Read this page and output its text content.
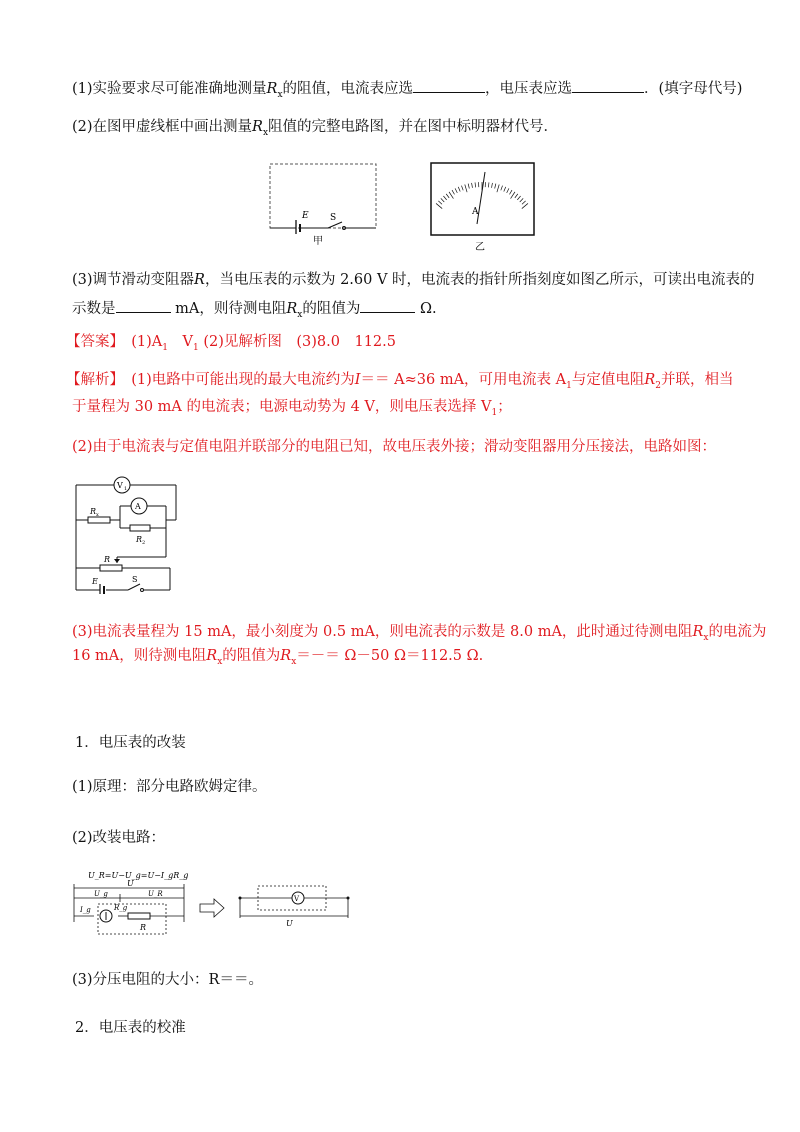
(1)实验要求尽可能准确地测量$R_x$的阻值，电流表应选	，电压表应选	．(填字母代号)
(2)在图甲虚线框中画出测量$R_x$阻值的完整电路图，并在图中标明器材代号．
E S
甲
A
乙
(3)调节滑动变阻器R，当电压表的示数为 2.60 V 时，电流表的指针所指刻度如图乙所示，可读出电流表的
示数是	mA，则待测电阻$R_x$的阻值为	Ω.
【答案】　$(1)A_1$　$V_1$ (2)见解析图　(3)8.0　112.5
【解析】　(1)电路中可能出现的最大电流约为I＝＝ A≈36 mA，可用电流表 $A_1$与定值电阻$R_2$并联，相当
于量程为 30 mA 的电流表；电源电动势为 4 V，则电压表选择 $V_1$；
(2)由于电流表与定值电阻并联部分的电阻已知，故电压表外接；滑动变阻器用分压接法，电路如图：
V 1
R x
A
R 2
R
E	S
(3)电流表量程为 15 mA，最小刻度为 0.5 mA，则电流表的示数是 8.0 mA，此时通过待测电阻$R_x$的电流为
16 mA，则待测电阻$R_x$的阻值为$R_x=-= \Omega-50$ Ω＝112.5 Ω.
1．电压表的改装
(1)原理：部分电路欧姆定律。
(2)改装电路：
U_R=U−U_g=U−I_gR_g
U
U_g	U_R
I_g	R_g
R
V
U
(3)分压电阻的大小：R＝＝。
2．电压表的校准
